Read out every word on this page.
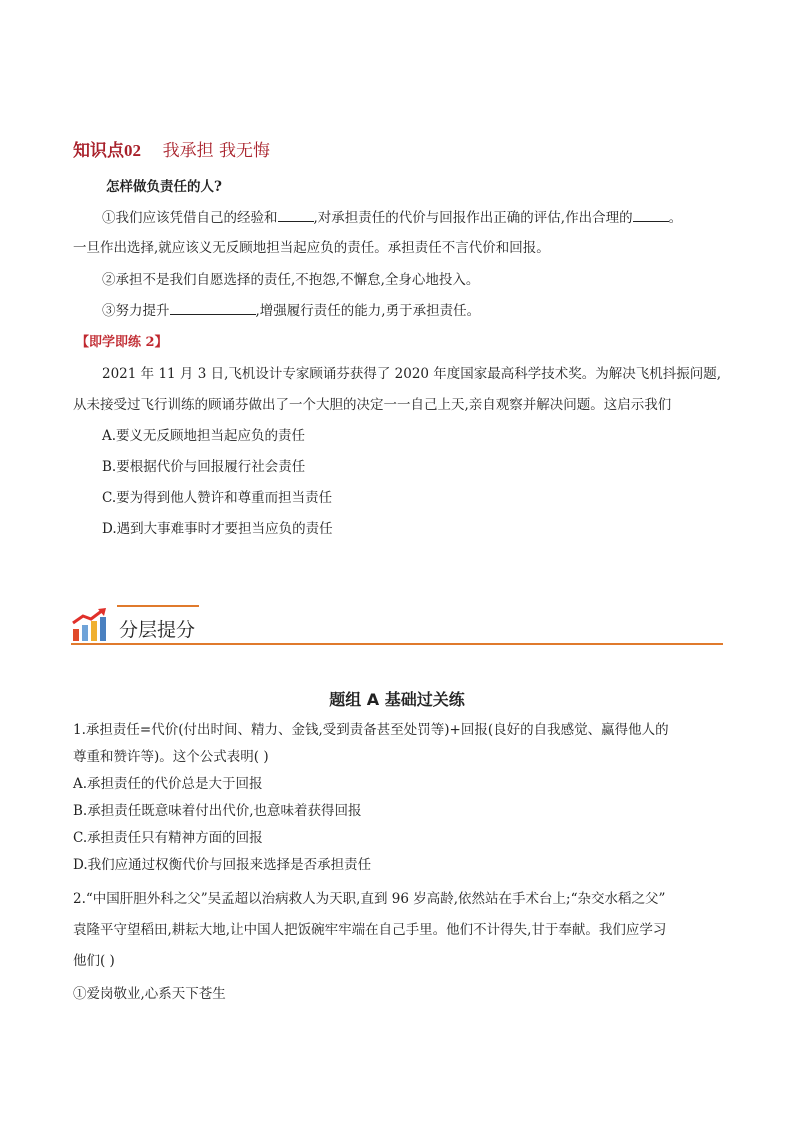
知识点02 我承担 我无悔
怎样做负责任的人?
①我们应该凭借自己的经验和	,对承担责任的代价与回报作出正确的评估,作出合理的	。
一旦作出选择,就应该义无反顾地担当起应负的责任。承担责任不言代价和回报。
②承担不是我们自愿选择的责任,不抱怨,不懈怠,全身心地投入。
③努力提升	,增强履行责任的能力,勇于承担责任。
【即学即练 2】
2021 年 11 月 3 日,飞机设计专家顾诵芬获得了 2020 年度国家最高科学技术奖。为解决飞机抖振问题,
从未接受过飞行训练的顾诵芬做出了一个大胆的决定一一自己上天,亲自观察并解决问题。这启示我们
A.要义无反顾地担当起应负的责任
B.要根据代价与回报履行社会责任
C.要为得到他人赞许和尊重而担当责任
D.遇到大事难事时才要担当应负的责任
分层提分
题组 A 基础过关练
1.承担责任=代价(付出时间、精力、金钱,受到责备甚至处罚等)+回报(良好的自我感觉、赢得他人的
尊重和赞许等)。这个公式表明( )
A.承担责任的代价总是大于回报
B.承担责任既意味着付出代价,也意味着获得回报
C.承担责任只有精神方面的回报
D.我们应通过权衡代价与回报来选择是否承担责任
2.“中国肝胆外科之父”吴孟超以治病救人为天职,直到 96 岁高龄,依然站在手术台上;“杂交水稻之父”
袁隆平守望稻田,耕耘大地,让中国人把饭碗牢牢端在自己手里。他们不计得失,甘于奉献。我们应学习
他们( )
①爱岗敬业,心系天下苍生
